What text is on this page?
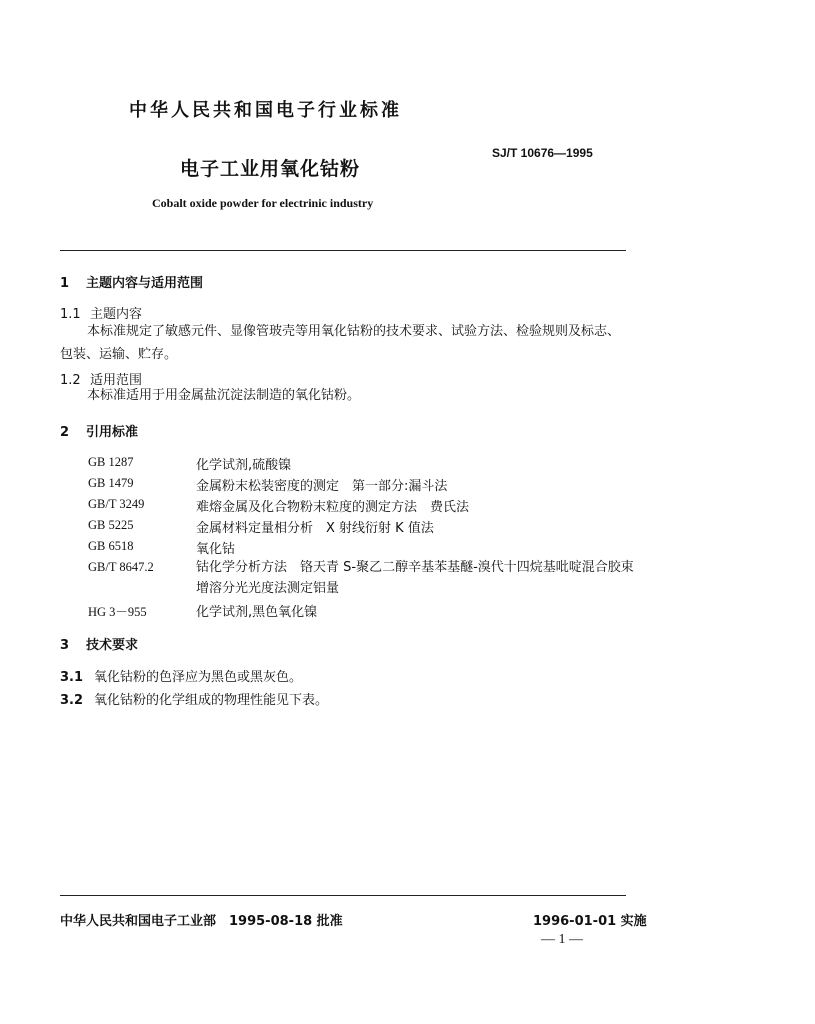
中华人民共和国电子行业标准
SJ/T 10676—1995
电子工业用氧化钴粉
Cobalt oxide powder for electrinic industry
1 主题内容与适用范围
1.1 主题内容
本标准规定了敏感元件、显像管玻壳等用氧化钴粉的技术要求、试验方法、检验规则及标志、包装、运输、贮存。
1.2 适用范围
本标准适用于用金属盐沉淀法制造的氧化钴粉。
2 引用标准
GB 1287	化学试剂,硫酸镍
GB 1479	金属粉末松装密度的测定　第一部分:漏斗法
GB/T 3249	难熔金属及化合物粉末粒度的测定方法　费氏法
GB 5225	金属材料定量相分析　X 射线衍射 K 值法
GB 6518	氧化钴
GB/T 8647.2	钴化学分析方法　铬天青 S-聚乙二醇辛基苯基醚-溴代十四烷基吡啶混合胶束增溶分光光度法测定铝量
HG 3－955	化学试剂,黑色氧化镍
3 技术要求
3.1 氧化钴粉的色泽应为黑色或黑灰色。
3.2 氧化钴粉的化学组成的物理性能见下表。
中华人民共和国电子工业部　1995-08-18 批准	1996-01-01 实施
— 1 —
